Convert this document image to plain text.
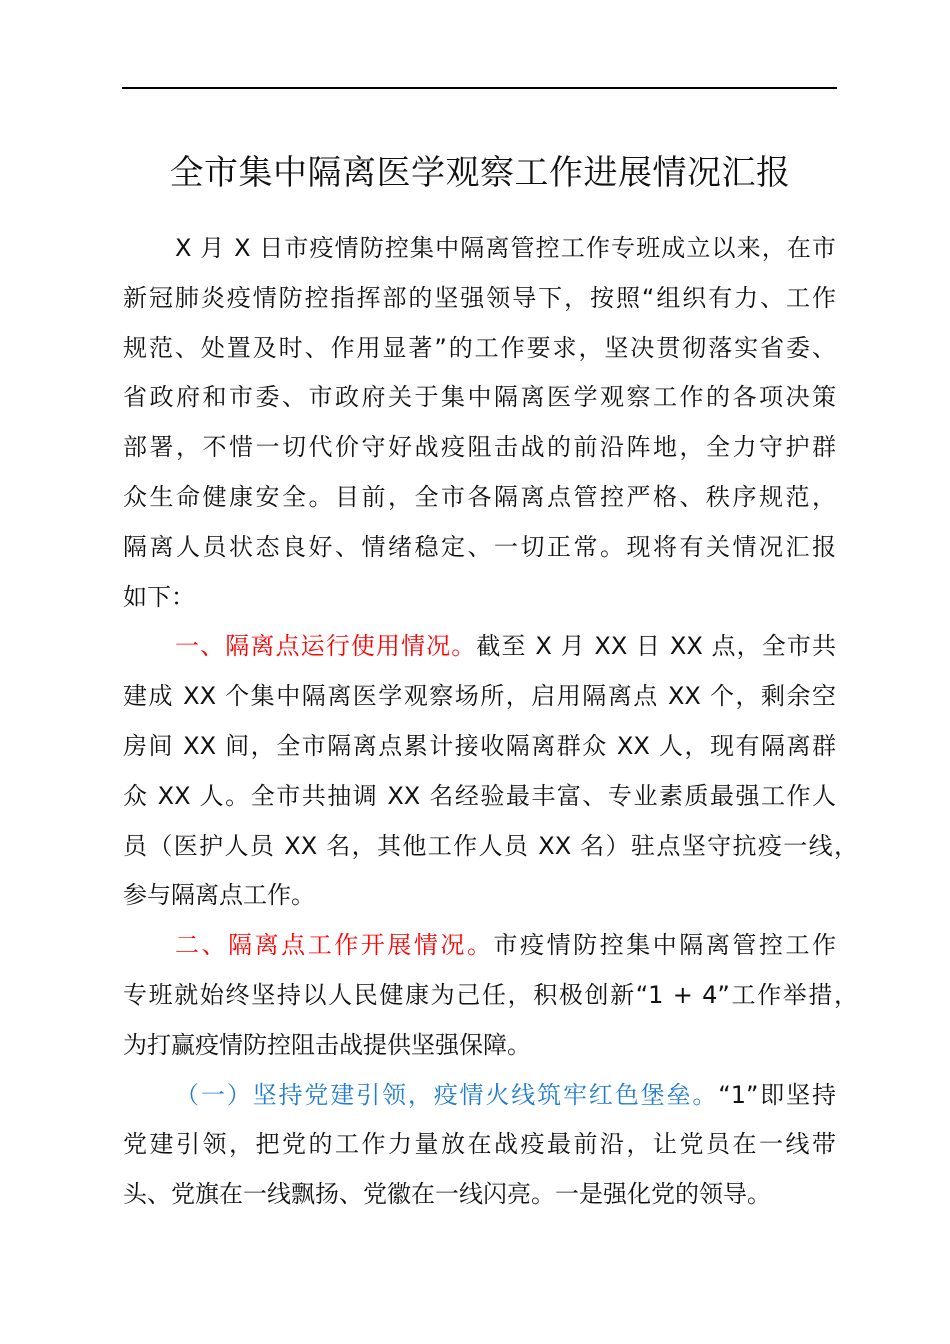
全市集中隔离医学观察工作进展情况汇报
X 月 X 日市疫情防控集中隔离管控工作专班成立以来，在市
新冠肺炎疫情防控指挥部的坚强领导下，按照“组织有力、工作
规范、处置及时、作用显著”的工作要求，坚决贯彻落实省委、
省政府和市委、市政府关于集中隔离医学观察工作的各项决策
部署，不惜一切代价守好战疫阻击战的前沿阵地，全力守护群
众生命健康安全。目前，全市各隔离点管控严格、秩序规范，
隔离人员状态良好、情绪稳定、一切正常。现将有关情况汇报
如下：
一、隔离点运行使用情况。截至 X 月 XX 日 XX 点，全市共
建成 XX 个集中隔离医学观察场所，启用隔离点 XX 个，剩余空
房间 XX 间，全市隔离点累计接收隔离群众 XX 人，现有隔离群
众 XX 人。全市共抽调 XX 名经验最丰富、专业素质最强工作人
员（医护人员 XX 名，其他工作人员 XX 名）驻点坚守抗疫一线，
参与隔离点工作。
二、隔离点工作开展情况。市疫情防控集中隔离管控工作
专班就始终坚持以人民健康为己任，积极创新“1 + 4”工作举措，
为打赢疫情防控阻击战提供坚强保障。
（一）坚持党建引领，疫情火线筑牢红色堡垒。“1”即坚持
党建引领，把党的工作力量放在战疫最前沿，让党员在一线带
头、党旗在一线飘扬、党徽在一线闪亮。一是强化党的领导。
